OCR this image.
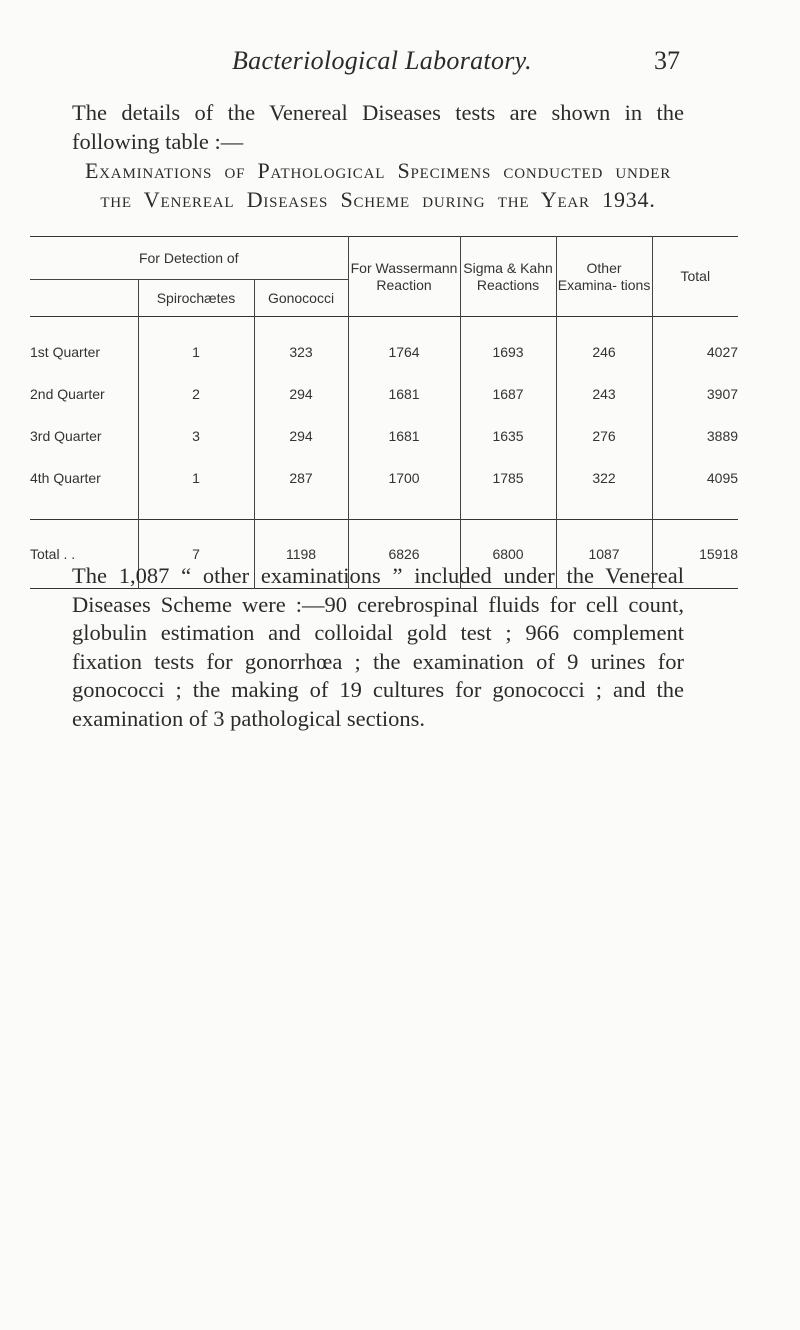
Bacteriological Laboratory.	37

The details of the Venereal Diseases tests are shown in the following table :—

Examinations of Pathological Specimens conducted under the Venereal Diseases Scheme during the Year 1934.

For Detection of			For Wassermann Reaction	Sigma & Kahn Reactions	Other Examina- tions	Total
	Spirochætes	Gonococci				
1st Quarter	1	323	1764	1693	246	4027
2nd Quarter	2	294	1681	1687	243	3907
3rd Quarter	3	294	1681	1635	276	3889
4th Quarter	1	287	1700	1785	322	4095

Total . .	7	1198	6826	6800	1087	15918

The 1,087 “ other examinations ” included under the Venereal Diseases Scheme were :—90 cerebrospinal fluids for cell count, globulin estimation and colloidal gold test ; 966 complement fixation tests for gonorrhœa ; the examination of 9 urines for gonococci ; the making of 19 cultures for gonococci ; and the examination of 3 pathological sections.
